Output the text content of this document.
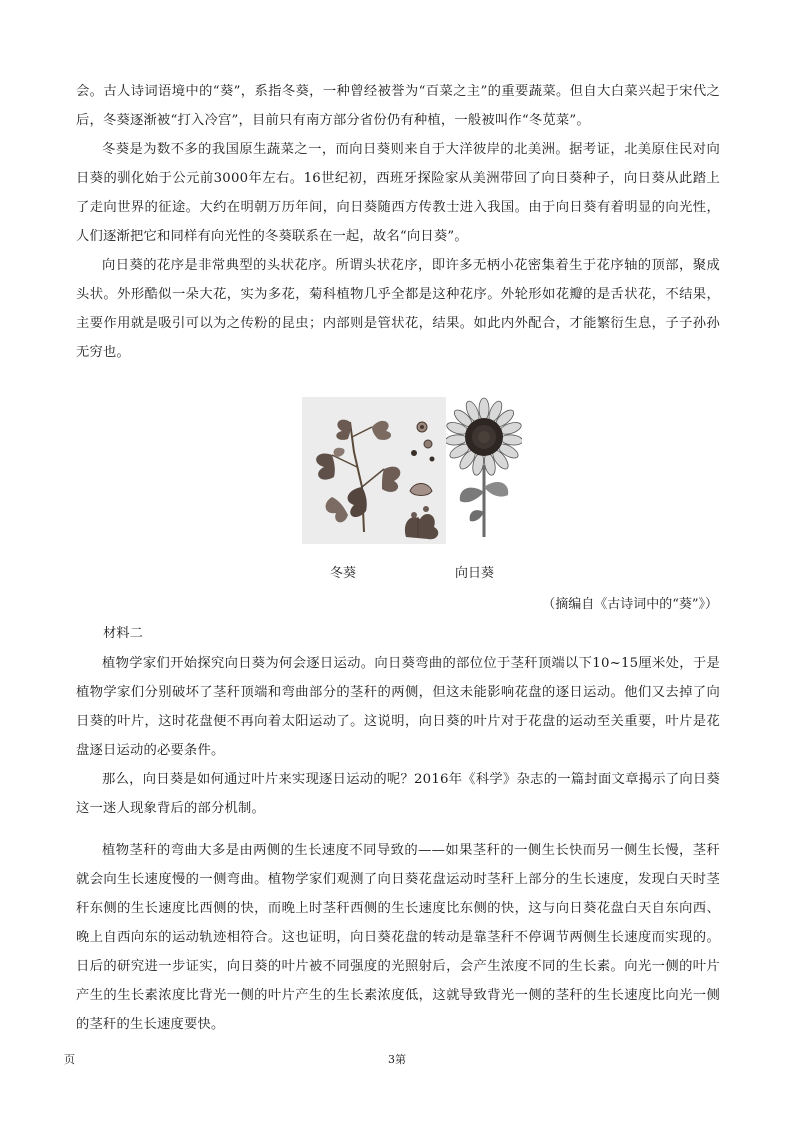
会。古人诗词语境中的“葵”，系指冬葵，一种曾经被誉为“百菜之主”的重要蔬菜。但自大白菜兴起于宋代之后，冬葵逐渐被“打入冷宫”，目前只有南方部分省份仍有种植，一般被叫作“冬苋菜”。

冬葵是为数不多的我国原生蔬菜之一，而向日葵则来自于大洋彼岸的北美洲。据考证，北美原住民对向日葵的驯化始于公元前3000年左右。16世纪初，西班牙探险家从美洲带回了向日葵种子，向日葵从此踏上了走向世界的征途。大约在明朝万历年间，向日葵随西方传教士进入我国。由于向日葵有着明显的向光性，人们逐渐把它和同样有向光性的冬葵联系在一起，故名“向日葵”。

向日葵的花序是非常典型的头状花序。所谓头状花序，即许多无柄小花密集着生于花序轴的顶部，聚成头状。外形酷似一朵大花，实为多花，菊科植物几乎全都是这种花序。外轮形如花瓣的是舌状花，不结果，主要作用就是吸引可以为之传粉的昆虫；内部则是管状花，结果。如此内外配合，才能繁衍生息，子子孙孙无穷也。

冬葵	向日葵
（摘编自《古诗词中的“葵”》）
材料二

植物学家们开始探究向日葵为何会逐日运动。向日葵弯曲的部位位于茎秆顶端以下10~15厘米处，于是植物学家们分别破坏了茎秆顶端和弯曲部分的茎秆的两侧，但这未能影响花盘的逐日运动。他们又去掉了向日葵的叶片，这时花盘便不再向着太阳运动了。这说明，向日葵的叶片对于花盘的运动至关重要，叶片是花盘逐日运动的必要条件。

那么，向日葵是如何通过叶片来实现逐日运动的呢？2016年《科学》杂志的一篇封面文章揭示了向日葵这一迷人现象背后的部分机制。

植物茎秆的弯曲大多是由两侧的生长速度不同导致的——如果茎秆的一侧生长快而另一侧生长慢，茎秆就会向生长速度慢的一侧弯曲。植物学家们观测了向日葵花盘运动时茎秆上部分的生长速度，发现白天时茎秆东侧的生长速度比西侧的快，而晚上时茎秆西侧的生长速度比东侧的快，这与向日葵花盘白天自东向西、晚上自西向东的运动轨迹相符合。这也证明，向日葵花盘的转动是靠茎秆不停调节两侧生长速度而实现的。日后的研究进一步证实，向日葵的叶片被不同强度的光照射后，会产生浓度不同的生长素。向光一侧的叶片产生的生长素浓度比背光一侧的叶片产生的生长素浓度低，这就导致背光一侧的茎秆的生长速度比向光一侧的茎秆的生长速度要快。

页	3第
